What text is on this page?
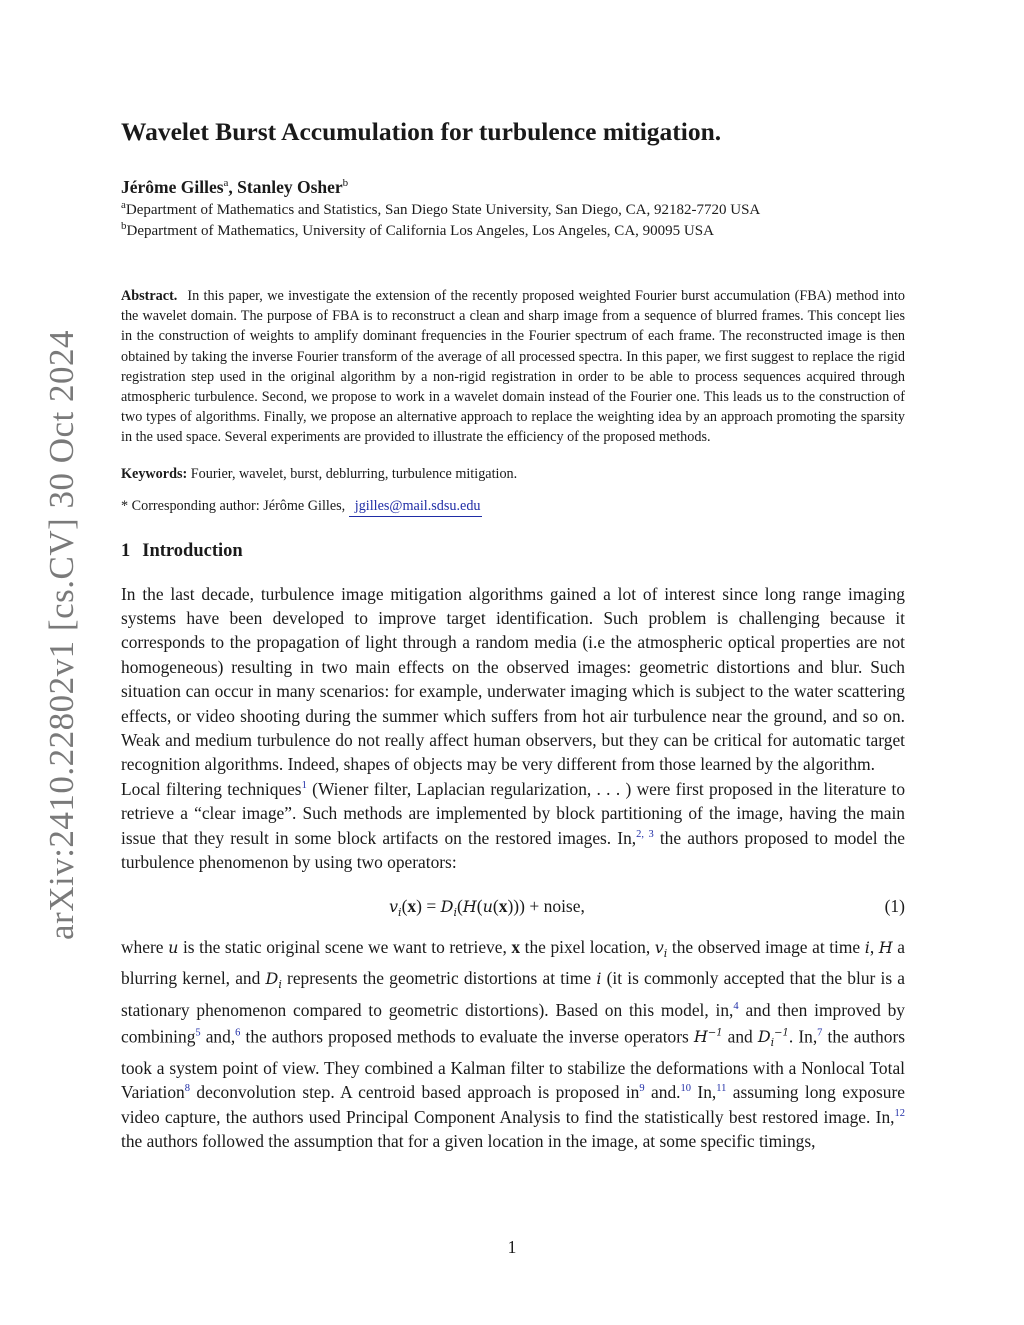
arXiv:2410.22802v1 [cs.CV] 30 Oct 2024
Wavelet Burst Accumulation for turbulence mitigation.
Jérôme Gilles$^a$, Stanley Osher$^b$
$^a$Department of Mathematics and Statistics, San Diego State University, San Diego, CA, 92182-7720 USA
$^b$Department of Mathematics, University of California Los Angeles, Los Angeles, CA, 90095 USA
Abstract. In this paper, we investigate the extension of the recently proposed weighted Fourier burst accumulation (FBA) method into the wavelet domain. The purpose of FBA is to reconstruct a clean and sharp image from a sequence of blurred frames. This concept lies in the construction of weights to amplify dominant frequencies in the Fourier spectrum of each frame. The reconstructed image is then obtained by taking the inverse Fourier transform of the average of all processed spectra. In this paper, we first suggest to replace the rigid registration step used in the original algorithm by a non-rigid registration in order to be able to process sequences acquired through atmospheric turbulence. Second, we propose to work in a wavelet domain instead of the Fourier one. This leads us to the construction of two types of algorithms. Finally, we propose an alternative approach to replace the weighting idea by an approach promoting the sparsity in the used space. Several experiments are provided to illustrate the efficiency of the proposed methods.
Keywords: Fourier, wavelet, burst, deblurring, turbulence mitigation.
* Corresponding author: Jérôme Gilles, jgilles@mail.sdsu.edu
1 Introduction

In the last decade, turbulence image mitigation algorithms gained a lot of interest since long range imaging systems have been developed to improve target identification. Such problem is challenging because it corresponds to the propagation of light through a random media (i.e the atmospheric optical properties are not homogeneous) resulting in two main effects on the observed images: geometric distortions and blur. Such situation can occur in many scenarios: for example, underwater imaging which is subject to the water scattering effects, or video shooting during the summer which suffers from hot air turbulence near the ground, and so on. Weak and medium turbulence do not really affect human observers, but they can be critical for automatic target recognition algorithms. Indeed, shapes of objects may be very different from those learned by the algorithm.

Local filtering techniques$^1$ (Wiener filter, Laplacian regularization, . . . ) were first proposed in the literature to retrieve a “clear image”. Such methods are implemented by block partitioning of the image, having the main issue that they result in some block artifacts on the restored images. In,$^{2, 3}$ the authors proposed to model the turbulence phenomenon by using two operators:

$v_i(x) = D_i(H(u(x)))$ + noise,	(1)

where u is the static original scene we want to retrieve, x the pixel location, $v_i$ the observed image at time i, H a blurring kernel, and $D_i$ represents the geometric distortions at time i (it is commonly accepted that the blur is a stationary phenomenon compared to geometric distortions). Based on this model, in,$^4$ and then improved by combining$^5$ and,$^6$ the authors proposed methods to evaluate the inverse operators $H^{-1}$ and $D_i^{-1}$. In,$^7$ the authors took a system point of view. They combined a Kalman filter to stabilize the deformations with a Nonlocal Total Variation$^8$ deconvolution step. A centroid based approach is proposed in$^9$ and.$^{10}$ In,$^{11}$ assuming long exposure video capture, the authors used Principal Component Analysis to find the statistically best restored image. In,$^{12}$ the authors followed the assumption that for a given location in the image, at some specific timings,

1
